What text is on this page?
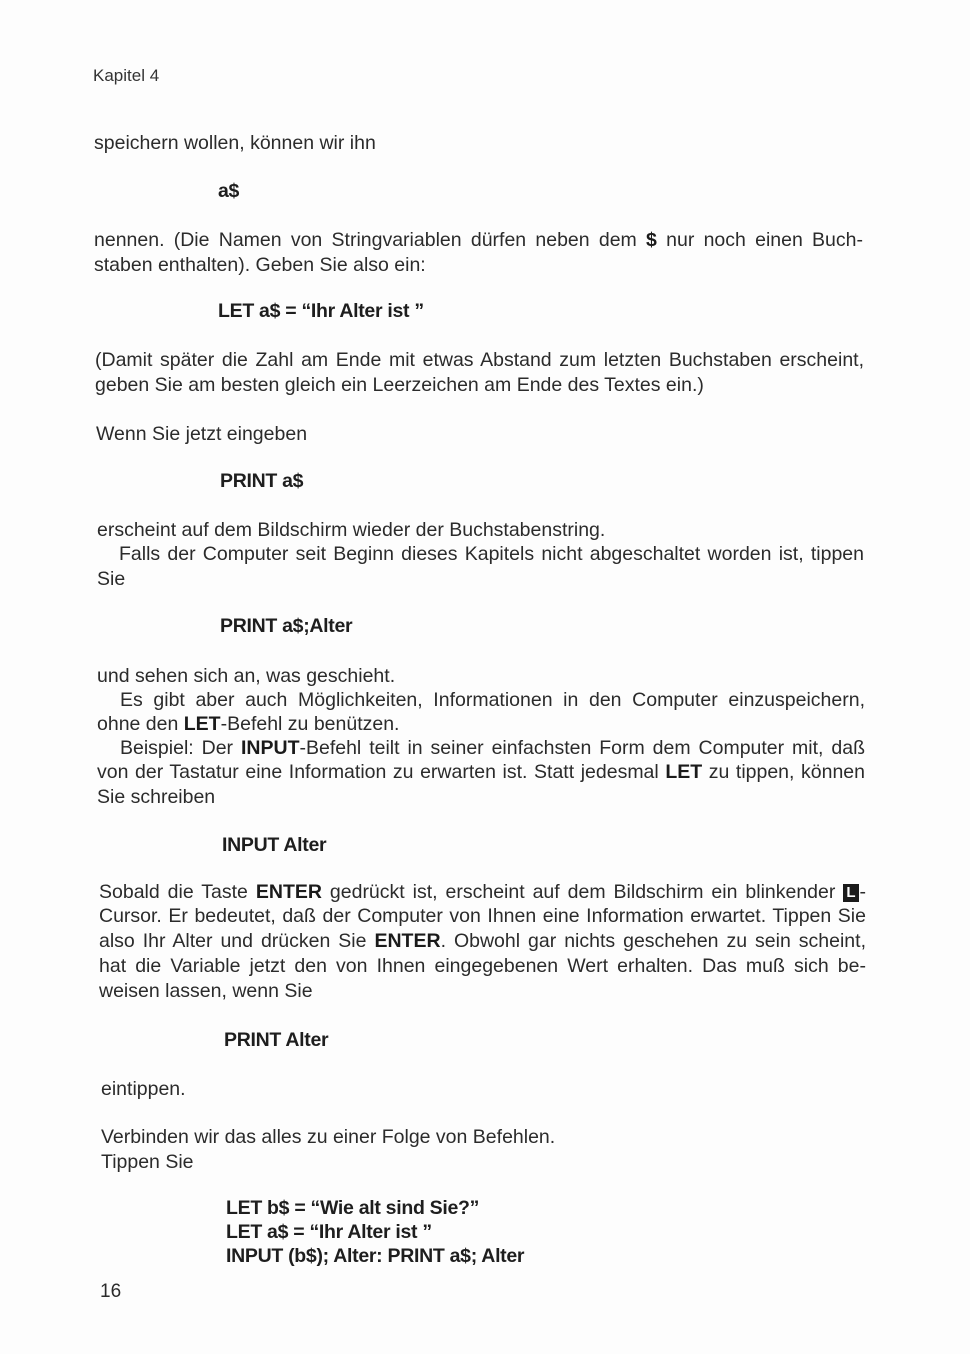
Kapitel 4
speichern wollen, können wir ihn
a$
nennen. (Die Namen von Stringvariablen dürfen neben dem $ nur noch einen Buch-
staben enthalten). Geben Sie also ein:
LET a$ = “Ihr Alter ist ”
(Damit später die Zahl am Ende mit etwas Abstand zum letzten Buchstaben erscheint,
geben Sie am besten gleich ein Leerzeichen am Ende des Textes ein.)
Wenn Sie jetzt eingeben
PRINT a$
erscheint auf dem Bildschirm wieder der Buchstabenstring.
Falls der Computer seit Beginn dieses Kapitels nicht abgeschaltet worden ist, tippen
Sie
PRINT a$;Alter
und sehen sich an, was geschieht.
Es gibt aber auch Möglichkeiten, Informationen in den Computer einzuspeichern,
ohne den LET-Befehl zu benützen.
Beispiel: Der INPUT-Befehl teilt in seiner einfachsten Form dem Computer mit, daß
von der Tastatur eine Information zu erwarten ist. Statt jedesmal LET zu tippen, können
Sie schreiben
INPUT Alter
Sobald die Taste ENTER gedrückt ist, erscheint auf dem Bildschirm ein blinkender L -
Cursor. Er bedeutet, daß der Computer von Ihnen eine Information erwartet. Tippen Sie
also Ihr Alter und drücken Sie ENTER. Obwohl gar nichts geschehen zu sein scheint,
hat die Variable jetzt den von Ihnen eingegebenen Wert erhalten. Das muß sich be-
weisen lassen, wenn Sie
PRINT Alter
eintippen.
Verbinden wir das alles zu einer Folge von Befehlen.
Tippen Sie
LET b$ = “Wie alt sind Sie?”
LET a$ = “Ihr Alter ist ”
INPUT (b$); Alter: PRINT a$; Alter
16
